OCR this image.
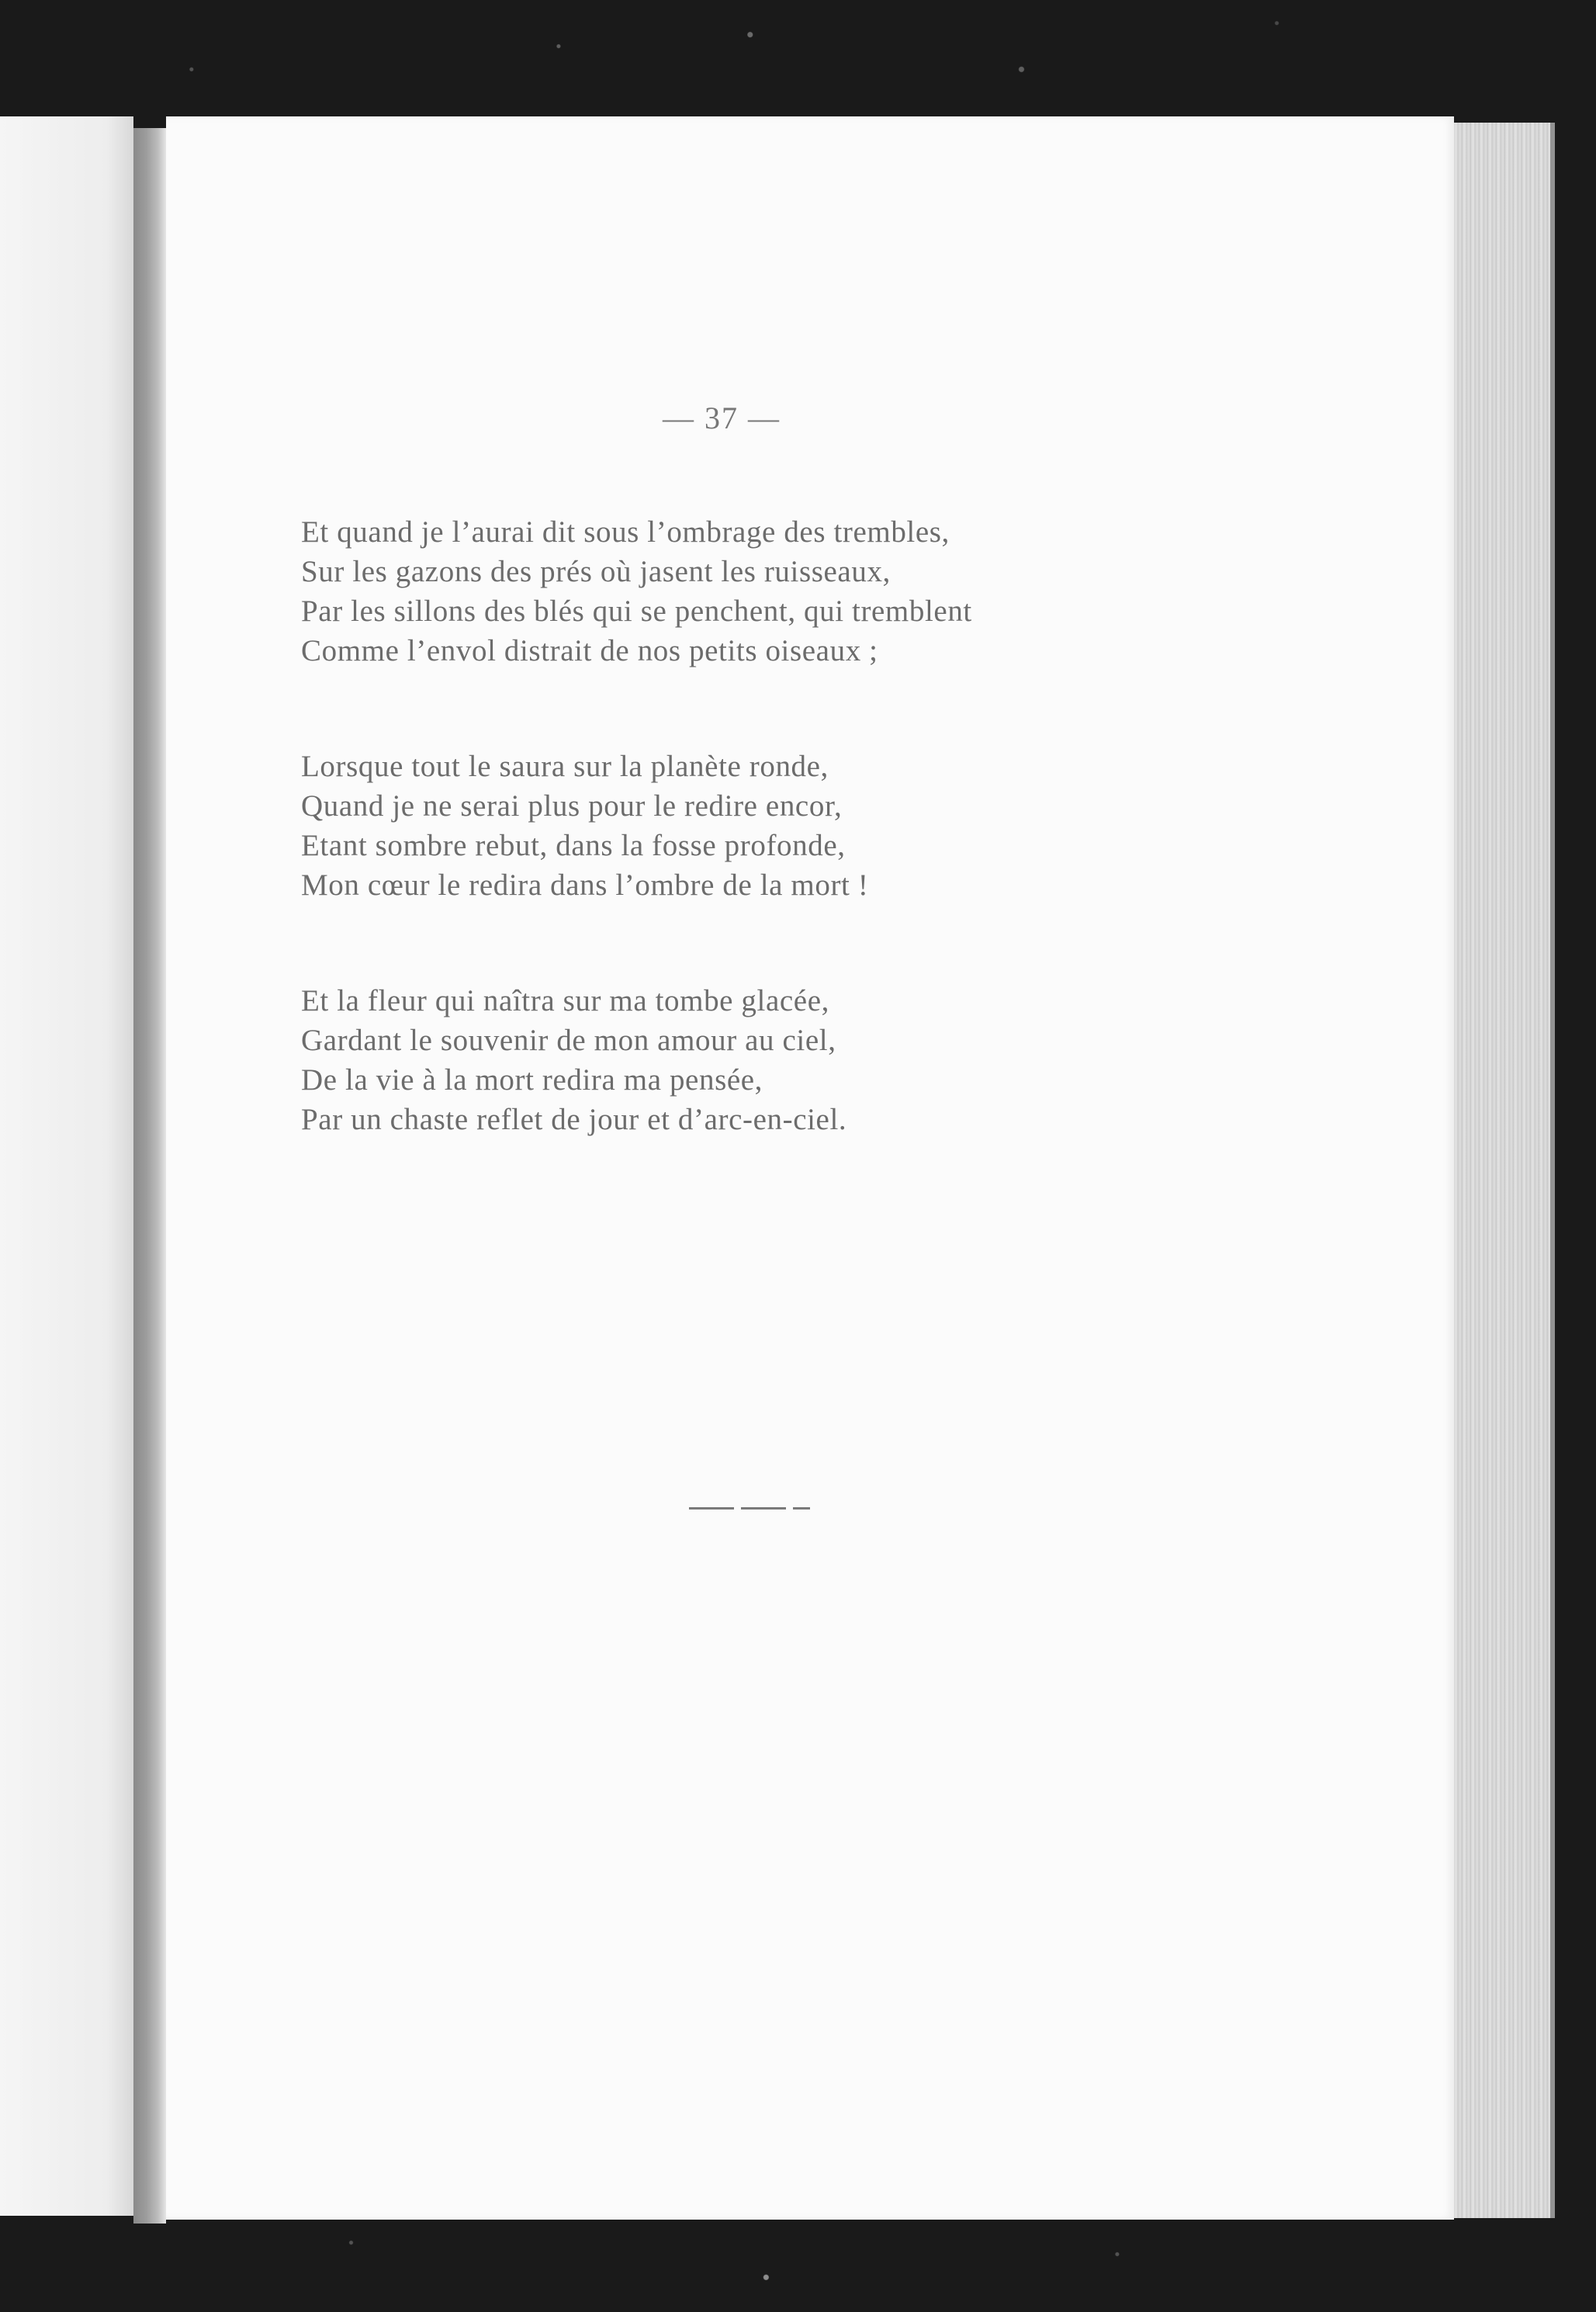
— 37 —
Et quand je l’aurai dit sous l’ombrage des trembles,
Sur les gazons des prés où jasent les ruisseaux,
Par les sillons des blés qui se penchent, qui tremblent
Comme l’envol distrait de nos petits oiseaux ;
Lorsque tout le saura sur la planète ronde,
Quand je ne serai plus pour le redire encor,
Etant sombre rebut, dans la fosse profonde,
Mon cœur le redira dans l’ombre de la mort !
Et la fleur qui naîtra sur ma tombe glacée,
Gardant le souvenir de mon amour au ciel,
De la vie à la mort redira ma pensée,
Par un chaste reflet de jour et d’arc-en-ciel.
